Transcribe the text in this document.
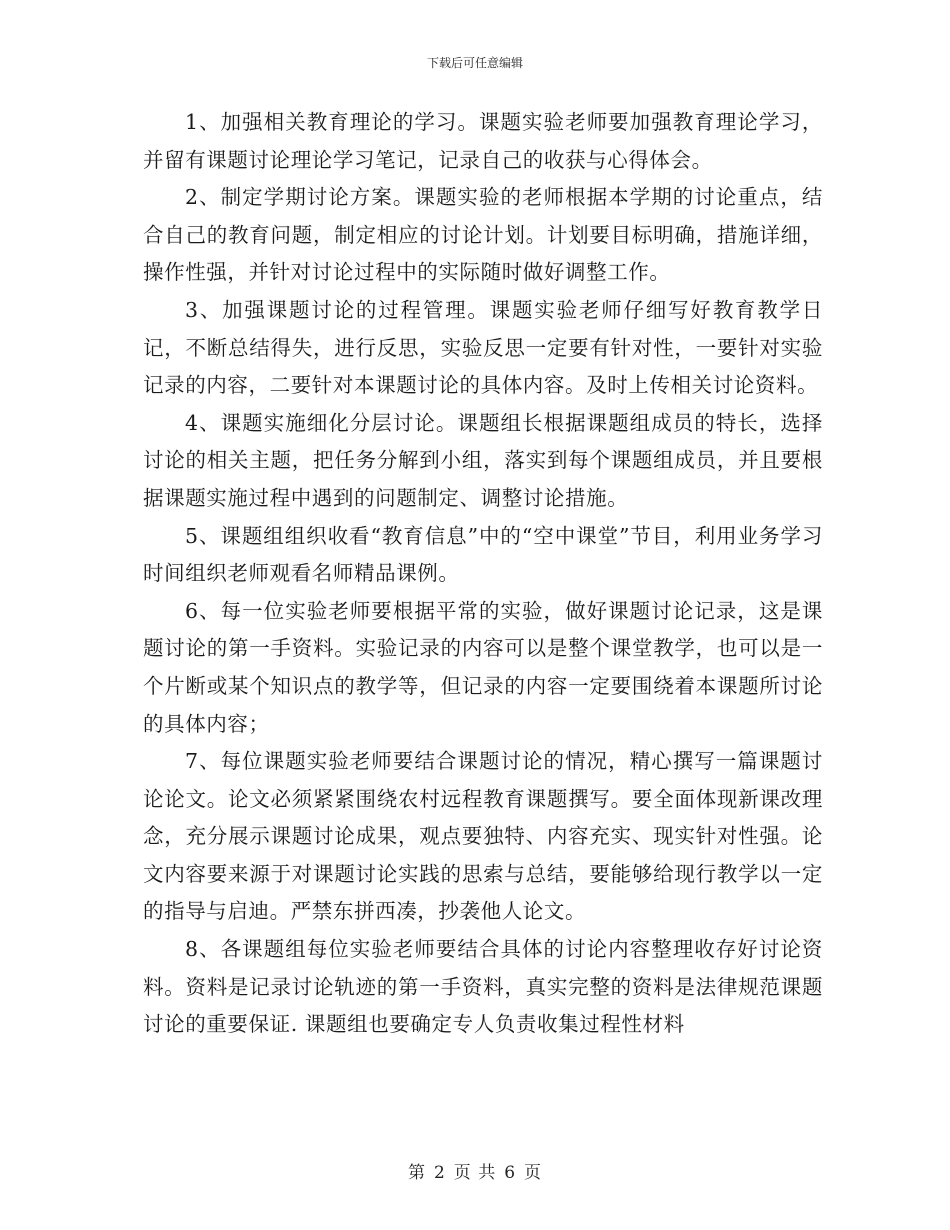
下载后可任意编辑

1、加强相关教育理论的学习。课题实验老师要加强教育理论学习，并留有课题讨论理论学习笔记，记录自己的收获与心得体会。

2、制定学期讨论方案。课题实验的老师根据本学期的讨论重点，结合自己的教育问题，制定相应的讨论计划。计划要目标明确，措施详细，操作性强，并针对讨论过程中的实际随时做好调整工作。

3、加强课题讨论的过程管理。课题实验老师仔细写好教育教学日记，不断总结得失，进行反思，实验反思一定要有针对性，一要针对实验记录的内容，二要针对本课题讨论的具体内容。及时上传相关讨论资料。

4、课题实施细化分层讨论。课题组长根据课题组成员的特长，选择讨论的相关主题，把任务分解到小组，落实到每个课题组成员，并且要根据课题实施过程中遇到的问题制定、调整讨论措施。

5、课题组组织收看“教育信息”中的“空中课堂”节目，利用业务学习时间组织老师观看名师精品课例。

6、每一位实验老师要根据平常的实验，做好课题讨论记录，这是课题讨论的第一手资料。实验记录的内容可以是整个课堂教学，也可以是一个片断或某个知识点的教学等，但记录的内容一定要围绕着本课题所讨论的具体内容；

7、每位课题实验老师要结合课题讨论的情况，精心撰写一篇课题讨论论文。论文必须紧紧围绕农村远程教育课题撰写。要全面体现新课改理念，充分展示课题讨论成果，观点要独特、内容充实、现实针对性强。论文内容要来源于对课题讨论实践的思索与总结，要能够给现行教学以一定的指导与启迪。严禁东拼西凑，抄袭他人论文。

8、各课题组每位实验老师要结合具体的讨论内容整理收存好讨论资料。资料是记录讨论轨迹的第一手资料，真实完整的资料是法律规范课题讨论的重要保证. 课题组也要确定专人负责收集过程性材料

第 2 页 共 6 页
